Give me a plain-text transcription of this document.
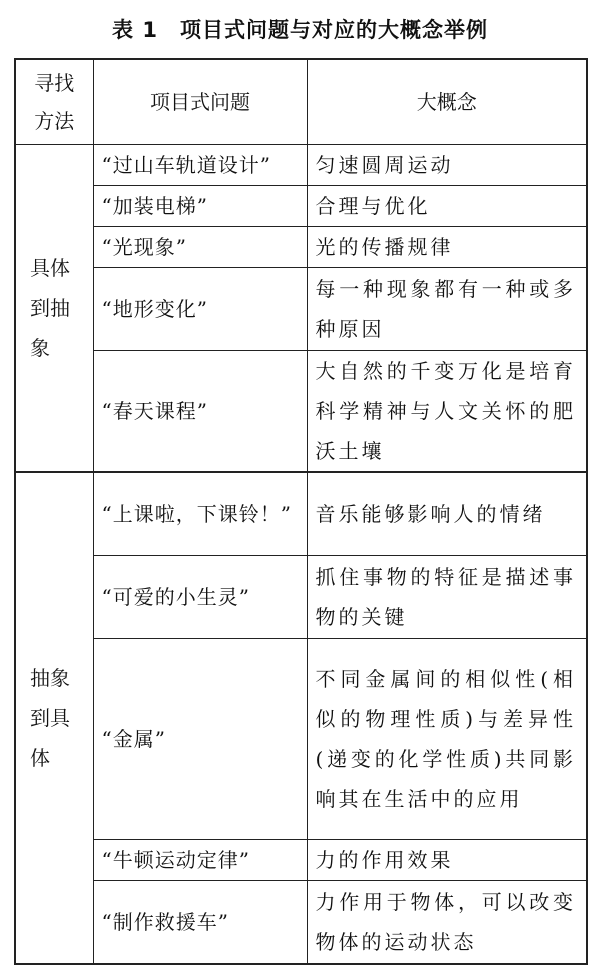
表 1　项目式问题与对应的大概念举例
寻找
方法	项目式问题	大概念

具体
到抽
象	“过山车轨道设计”	匀速圆周运动
	“加装电梯”	合理与优化
	“光现象”	光的传播规律
	“地形变化”	每一种现象都有一种或多种原因
	“春天课程”	大自然的千变万化是培育科学精神与人文关怀的肥沃土壤

抽象
到具
体	“上课啦，下课铃！”	音乐能够影响人的情绪
	“可爱的小生灵”	抓住事物的特征是描述事物的关键
	“金属”	不同金属间的相似性(相似的物理性质)与差异性(递变的化学性质)共同影响其在生活中的应用
	“牛顿运动定律”	力的作用效果
	“制作救援车”	力作用于物体，可以改变物体的运动状态
